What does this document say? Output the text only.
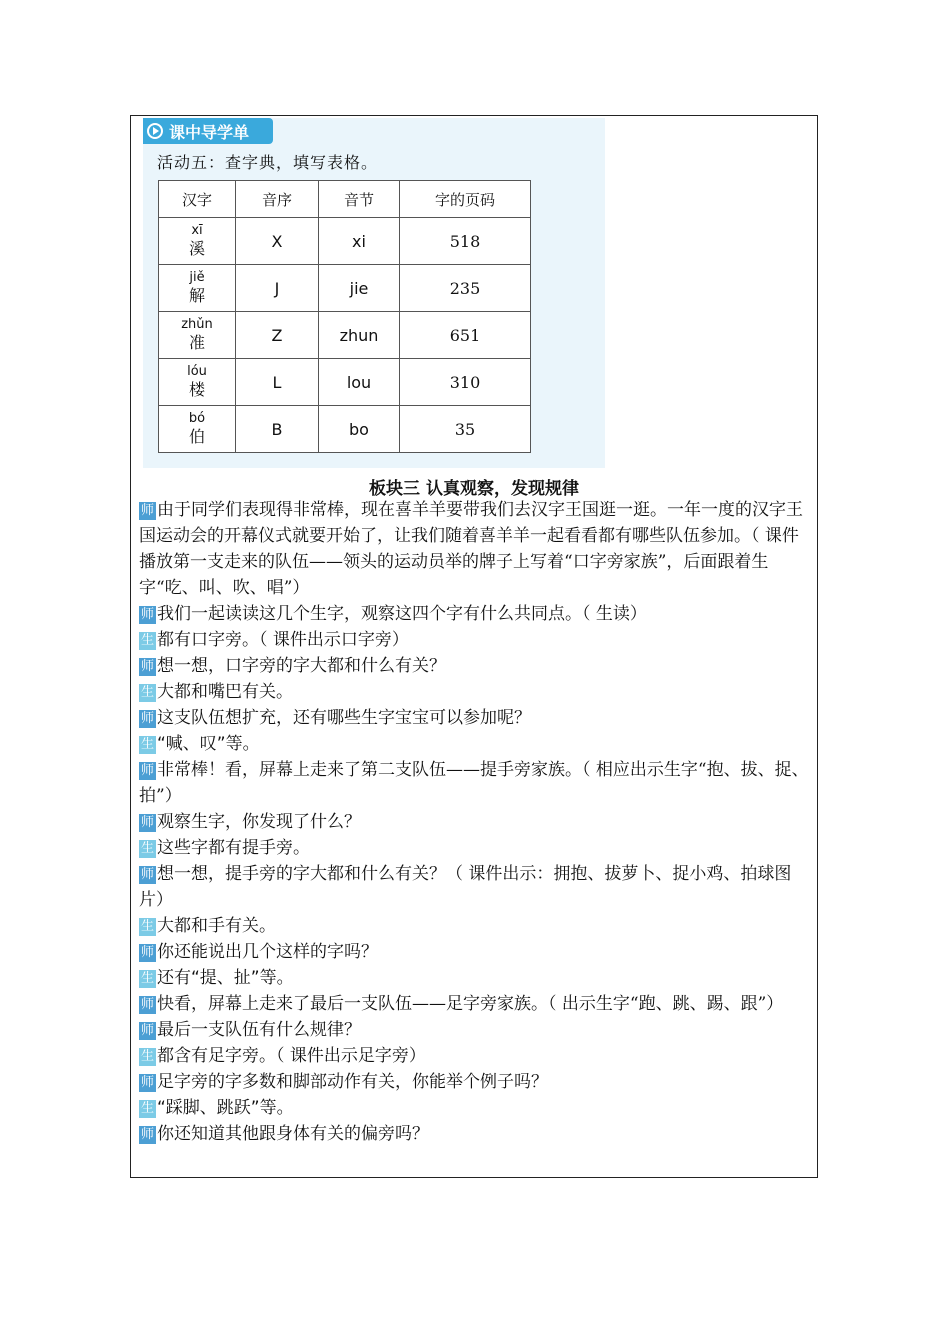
课中导学单
活动五：查字典，填写表格。
汉字	音序	音节	字的页码

xī
溪	X	xi	518

jiě
解	J	jie	235

zhǔn
准	Z	zhun	651

lóu
楼	L	lou	310

bó
伯	B	bo	35
板块三 认真观察，发现规律
师 由于同学们表现得非常棒，现在喜羊羊要带我们去汉字王国逛一逛。一年一度的汉字王国运动会的开幕仪式就要开始了，让我们随着喜羊羊一起看看都有哪些队伍参加。（ 课件播放第一支走来的队伍——领头的运动员举的牌子上写着“口字旁家族”，后面跟着生字“吃、叫、吹、唱”）
师 我们一起读读这几个生字，观察这四个字有什么共同点。（ 生读）
生 都有口字旁。（ 课件出示口字旁）
师 想一想，口字旁的字大都和什么有关？
生 大都和嘴巴有关。
师 这支队伍想扩充，还有哪些生字宝宝可以参加呢？
生 “喊、叹”等。
师 非常棒！看，屏幕上走来了第二支队伍——提手旁家族。（ 相应出示生字“抱、拔、捉、拍”）
师 观察生字，你发现了什么？
生 这些字都有提手旁。
师 想一想，提手旁的字大都和什么有关？（ 课件出示：拥抱、拔萝卜、捉小鸡、拍球图片）
生 大都和手有关。
师 你还能说出几个这样的字吗？
生 还有“提、扯”等。
师 快看，屏幕上走来了最后一支队伍——足字旁家族。（ 出示生字“跑、跳、踢、跟”）
师 最后一支队伍有什么规律？
生 都含有足字旁。（ 课件出示足字旁）
师 足字旁的字多数和脚部动作有关，你能举个例子吗？
生 “踩脚、跳跃”等。
师 你还知道其他跟身体有关的偏旁吗？
